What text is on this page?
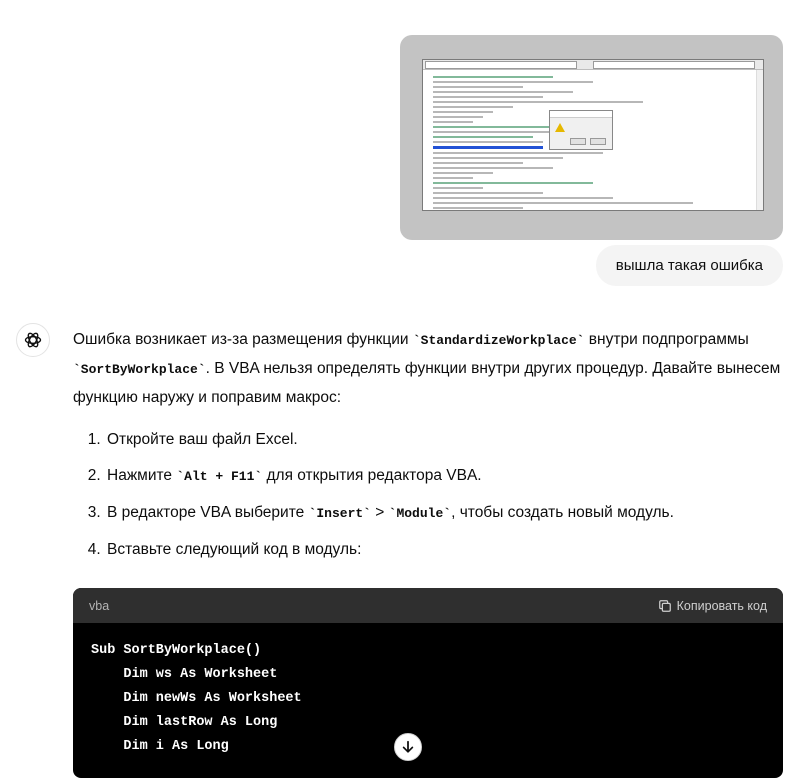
вышла такая ошибка

Ошибка возникает из-за размещения функции `StandardizeWorkplace` внутри подпрограммы `SortByWorkplace`. В VBA нельзя определять функции внутри других процедур. Давайте вынесем функцию наружу и поправим макрос:

1. Откройте ваш файл Excel.
2. Нажмите `Alt + F11` для открытия редактора VBA.
3. В редакторе VBA выберите `Insert` > `Module`, чтобы создать новый модуль.
4. Вставьте следующий код в модуль:
vba	Копировать код
Sub SortByWorkplace()
Dim ws As Worksheet
Dim newWs As Worksheet
Dim lastRow As Long
Dim i As Long
